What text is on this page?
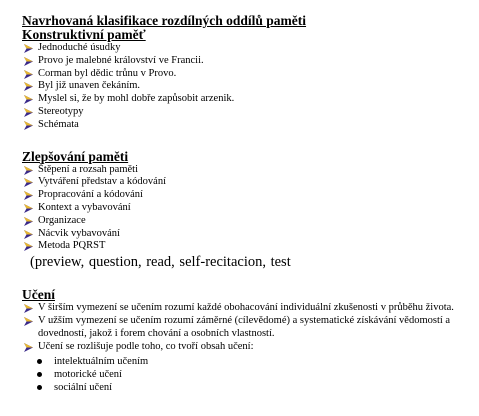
Navrhovaná klasifikace rozdílných oddílů paměti
Konstruktivní paměť
Jednoduché úsudky
Provo je malebné království ve Francii.
Corman byl dědic trůnu v Provo.
Byl již unaven čekáním.
Myslel si, že by mohl dobře zapůsobit arzenik.
Stereotypy
Schémata
Zlepšování paměti
Štěpení a rozsah paměti
Vytváření představ a kódování
Propracování a kódování
Kontext a vybavování
Organizace
Nácvik vybavování
Metoda PQRST
(preview, question, read, self-recitacion, test
Učení
V širším vymezení se učením rozumí každé obohacování individuální zkušenosti v průběhu života.
V užším vymezení se učením rozumí záměrné (cílevědomé) a systematické získávání vědomostí a dovedností, jakož i forem chování a osobních vlastností.
Učení se rozlišuje podle toho, co tvoří obsah učení:
intelektuálním učením
motorické učení
sociální učení
